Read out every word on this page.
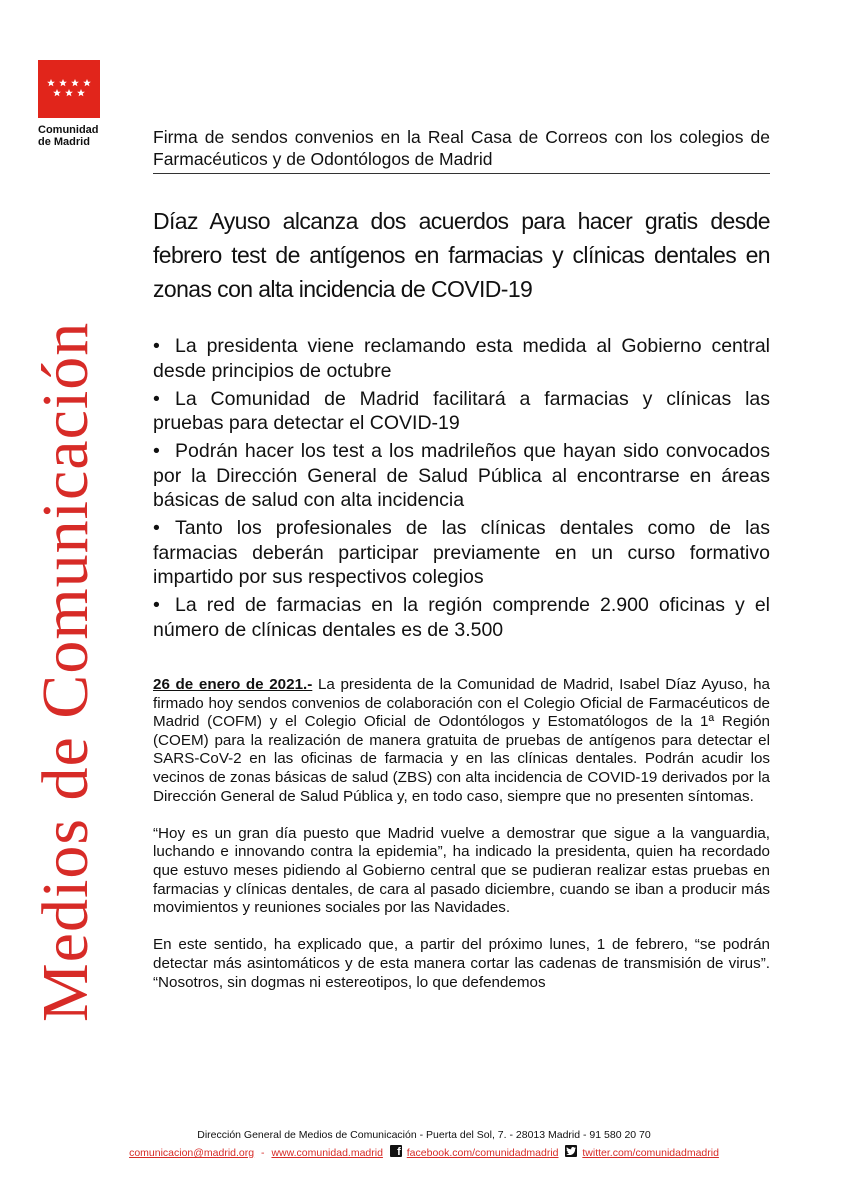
Comunidad
de Madrid
Medios de Comunicación
Firma de sendos convenios en la Real Casa de Correos con los colegios de Farmacéuticos y de Odontólogos de Madrid
Díaz Ayuso alcanza dos acuerdos para hacer gratis desde febrero test de antígenos en farmacias y clínicas dentales en zonas con alta incidencia de COVID-19
• La presidenta viene reclamando esta medida al Gobierno central desde principios de octubre
• La Comunidad de Madrid facilitará a farmacias y clínicas las pruebas para detectar el COVID-19
• Podrán hacer los test a los madrileños que hayan sido convocados por la Dirección General de Salud Pública al encontrarse en áreas básicas de salud con alta incidencia
• Tanto los profesionales de las clínicas dentales como de las farmacias deberán participar previamente en un curso formativo impartido por sus respectivos colegios
• La red de farmacias en la región comprende 2.900 oficinas y el número de clínicas dentales es de 3.500

26 de enero de 2021.- La presidenta de la Comunidad de Madrid, Isabel Díaz Ayuso, ha firmado hoy sendos convenios de colaboración con el Colegio Oficial de Farmacéuticos de Madrid (COFM) y el Colegio Oficial de Odontólogos y Estomatólogos de la 1ª Región (COEM) para la realización de manera gratuita de pruebas de antígenos para detectar el SARS-CoV-2 en las oficinas de farmacia y en las clínicas dentales. Podrán acudir los vecinos de zonas básicas de salud (ZBS) con alta incidencia de COVID-19 derivados por la Dirección General de Salud Pública y, en todo caso, siempre que no presenten síntomas.

“Hoy es un gran día puesto que Madrid vuelve a demostrar que sigue a la vanguardia, luchando e innovando contra la epidemia”, ha indicado la presidenta, quien ha recordado que estuvo meses pidiendo al Gobierno central que se pudieran realizar estas pruebas en farmacias y clínicas dentales, de cara al pasado diciembre, cuando se iban a producir más movimientos y reuniones sociales por las Navidades.

En este sentido, ha explicado que, a partir del próximo lunes, 1 de febrero, “se podrán detectar más asintomáticos y de esta manera cortar las cadenas de transmisión de virus”. “Nosotros, sin dogmas ni estereotipos, lo que defendemos

Dirección General de Medios de Comunicación - Puerta del Sol, 7. - 28013 Madrid - 91 580 20 70
comunicacion@madrid.org - www.comunidad.madrid f facebook.com/comunidadmadrid twitter.com/comunidadmadrid
